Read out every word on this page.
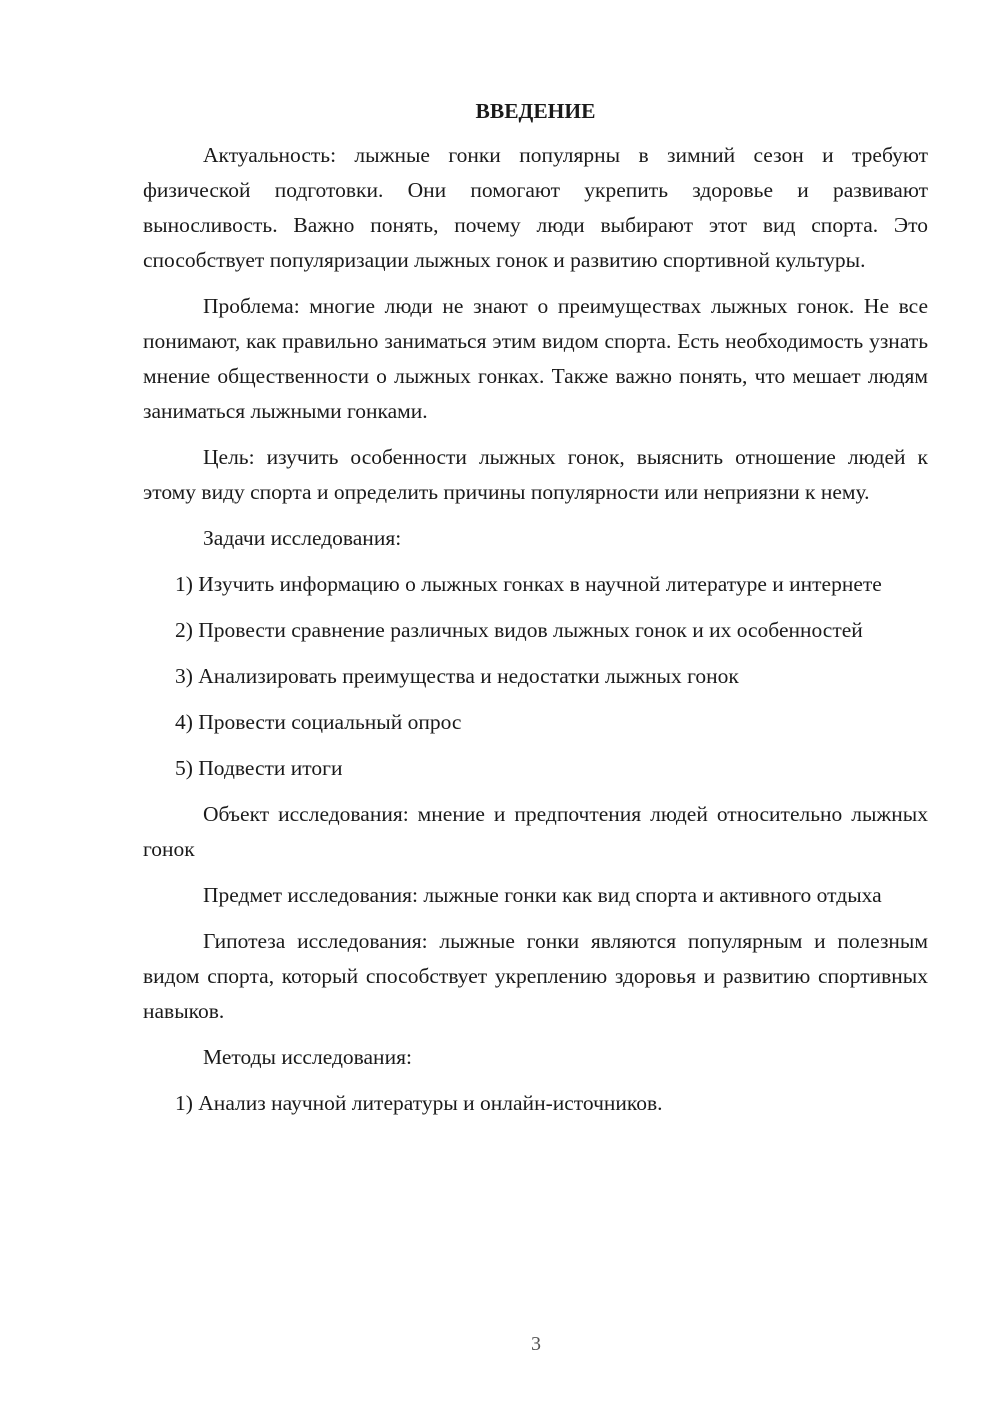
ВВЕДЕНИЕ

Актуальность: лыжные гонки популярны в зимний сезон и требуют физической подготовки. Они помогают укрепить здоровье и развивают выносливость. Важно понять, почему люди выбирают этот вид спорта. Это способствует популяризации лыжных гонок и развитию спортивной культуры.

Проблема: многие люди не знают о преимуществах лыжных гонок. Не все понимают, как правильно заниматься этим видом спорта. Есть необходимость узнать мнение общественности о лыжных гонках. Также важно понять, что мешает людям заниматься лыжными гонками.

Цель: изучить особенности лыжных гонок, выяснить отношение людей к этому виду спорта и определить причины популярности или неприязни к нему.

Задачи исследования:

1) Изучить информацию о лыжных гонках в научной литературе и интернете

2) Провести сравнение различных видов лыжных гонок и их особенностей

3) Анализировать преимущества и недостатки лыжных гонок

4) Провести социальный опрос

5) Подвести итоги

Объект исследования: мнение и предпочтения людей относительно лыжных гонок

Предмет исследования: лыжные гонки как вид спорта и активного отдыха

Гипотеза исследования: лыжные гонки являются популярным и полезным видом спорта, который способствует укреплению здоровья и развитию спортивных навыков.

Методы исследования:

1) Анализ научной литературы и онлайн-источников.

3
